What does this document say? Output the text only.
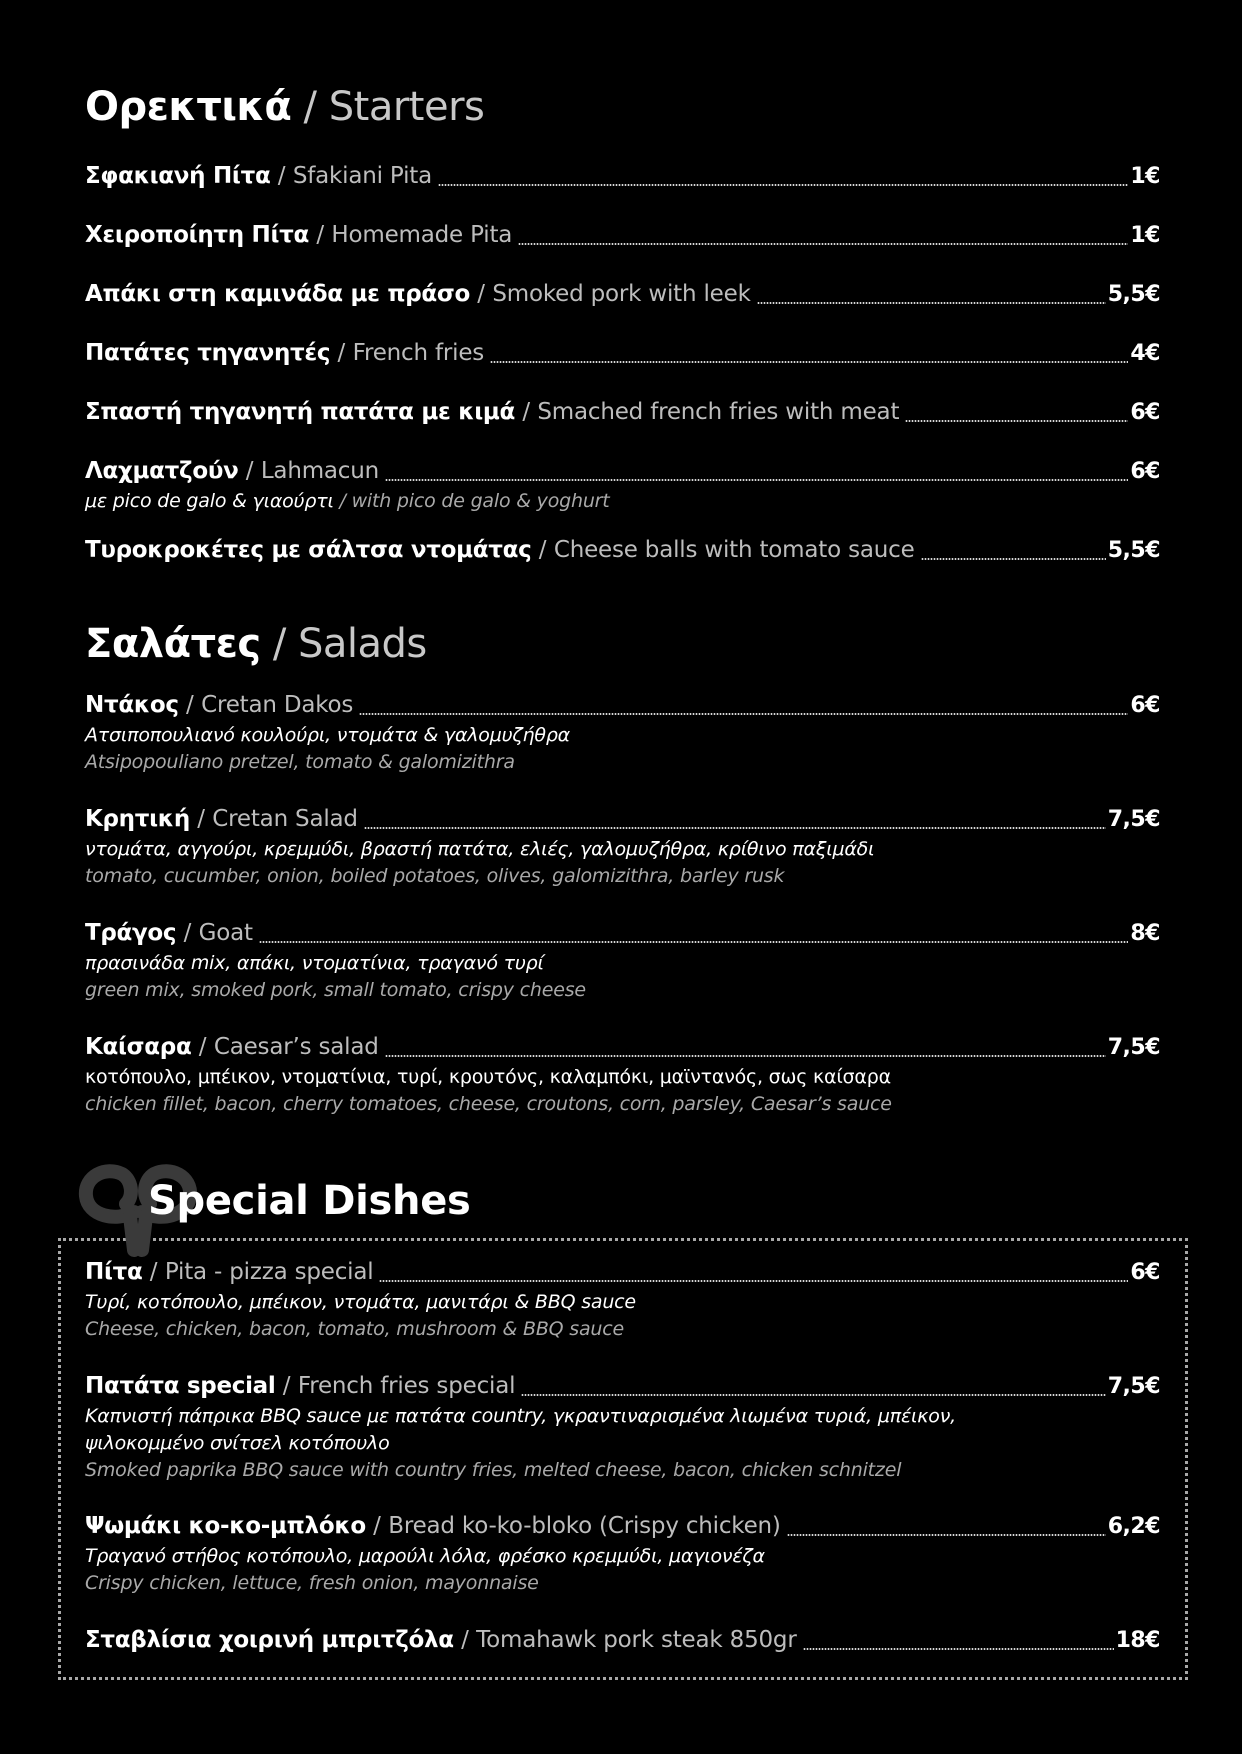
Ορεκτικά / Starters
Σφακιανή Πίτα / Sfakiani Pita	1€
Χειροποίητη Πίτα / Homemade Pita	1€
Απάκι στη καμινάδα με πράσο / Smoked pork with leek	5,5€
Πατάτες τηγανητές / French fries	4€
Σπαστή τηγανητή πατάτα με κιμά / Smached french fries with meat	6€
Λαχματζούν / Lahmacun	6€
με pico de galo & γιαούρτι / with pico de galo & yoghurt
Τυροκροκέτες με σάλτσα ντομάτας / Cheese balls with tomato sauce	5,5€
Σαλάτες / Salads
Ντάκος / Cretan Dakos	6€
Ατσιποπουλιανό κουλούρι, ντομάτα & γαλομυζήθρα
Atsipopouliano pretzel, tomato & galomizithra
Κρητική / Cretan Salad	7,5€
ντομάτα, αγγούρι, κρεμμύδι, βραστή πατάτα, ελιές, γαλομυζήθρα, κρίθινο παξιμάδι
tomato, cucumber, onion, boiled potatoes, olives, galomizithra, barley rusk
Τράγος / Goat	8€
πρασινάδα mix, απάκι, ντοματίνια, τραγανό τυρί
green mix, smoked pork, small tomato, crispy cheese
Καίσαρα / Caesar’s salad	7,5€
κοτόπουλο, μπέικον, ντοματίνια, τυρί, κρουτόνς, καλαμπόκι, μαϊντανός, σως καίσαρα
chicken fillet, bacon, cherry tomatoes, cheese, croutons, corn, parsley, Caesar’s sauce
Special Dishes
Πίτα / Pita - pizza special	6€
Τυρί, κοτόπουλο, μπέικον, ντομάτα, μανιτάρι & BBQ sauce
Cheese, chicken, bacon, tomato, mushroom & BBQ sauce
Πατάτα special / French fries special	7,5€
Καπνιστή πάπρικα BBQ sauce με πατάτα country, γκραντιναρισμένα λιωμένα τυριά, μπέικον,
ψιλοκομμένο σνίτσελ κοτόπουλο
Smoked paprika BBQ sauce with country fries, melted cheese, bacon, chicken schnitzel
Ψωμάκι κο-κο-μπλόκο / Bread ko-ko-bloko (Crispy chicken)	6,2€
Τραγανό στήθος κοτόπουλο, μαρούλι λόλα, φρέσκο κρεμμύδι, μαγιονέζα
Crispy chicken, lettuce, fresh onion, mayonnaise
Σταβλίσια χοιρινή μπριτζόλα / Tomahawk pork steak 850gr	18€
